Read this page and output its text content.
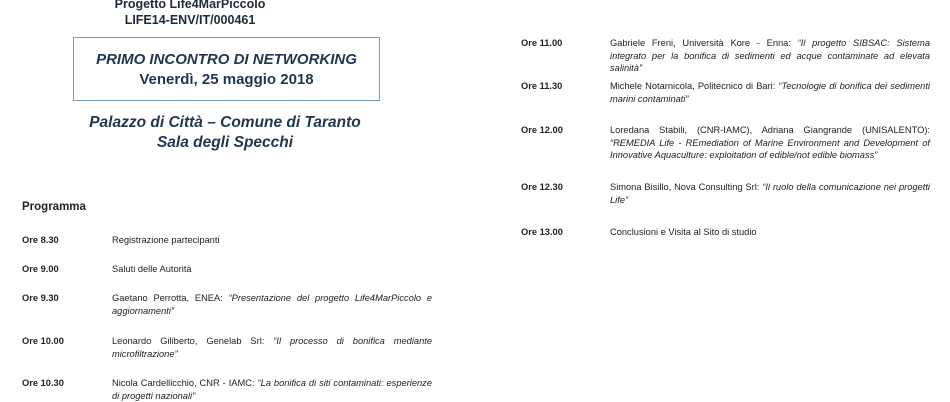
Progetto Life4MarPiccolo
LIFE14-ENV/IT/000461
PRIMO INCONTRO DI NETWORKING
Venerdì, 25 maggio 2018
Palazzo di Città – Comune di Taranto
Sala degli Specchi
Programma
Ore 8.30	Registrazione partecipanti
Ore 9.00	Saluti delle Autorità
Ore 9.30	Gaetano Perrotta, ENEA: “Presentazione del progetto Life4MarPiccolo e aggiornamenti”
Ore 10.00	Leonardo Giliberto, Genelab Srl: “Il processo di bonifica mediante microfiltrazione”
Ore 10.30	Nicola Cardellicchio, CNR - IAMC: “La bonifica di siti contaminati: esperienze di progetti nazionali”
Ore 11.00	Gabriele Freni, Università Kore - Enna: “Il progetto SIBSAC: Sistema integrato per la bonifica di sedimenti ed acque contaminate ad elevata salinità”
Ore 11.30	Michele Notarnicola, Politecnico di Bari: “Tecnologie di bonifica dei sedimenti marini contaminati”
Ore 12.00	Loredana Stabili, (CNR-IAMC), Adriana Giangrande (UNISALENTO): “REMEDIA Life - REmediation of Marine Environment and Development of Innovative Aquaculture: exploitation of edible/not edible biomass”
Ore 12.30	Simona Bisillo, Nova Consulting Srl: “Il ruolo della comunicazione nei progetti Life”
Ore 13.00	Conclusioni e Visita al Sito di studio
